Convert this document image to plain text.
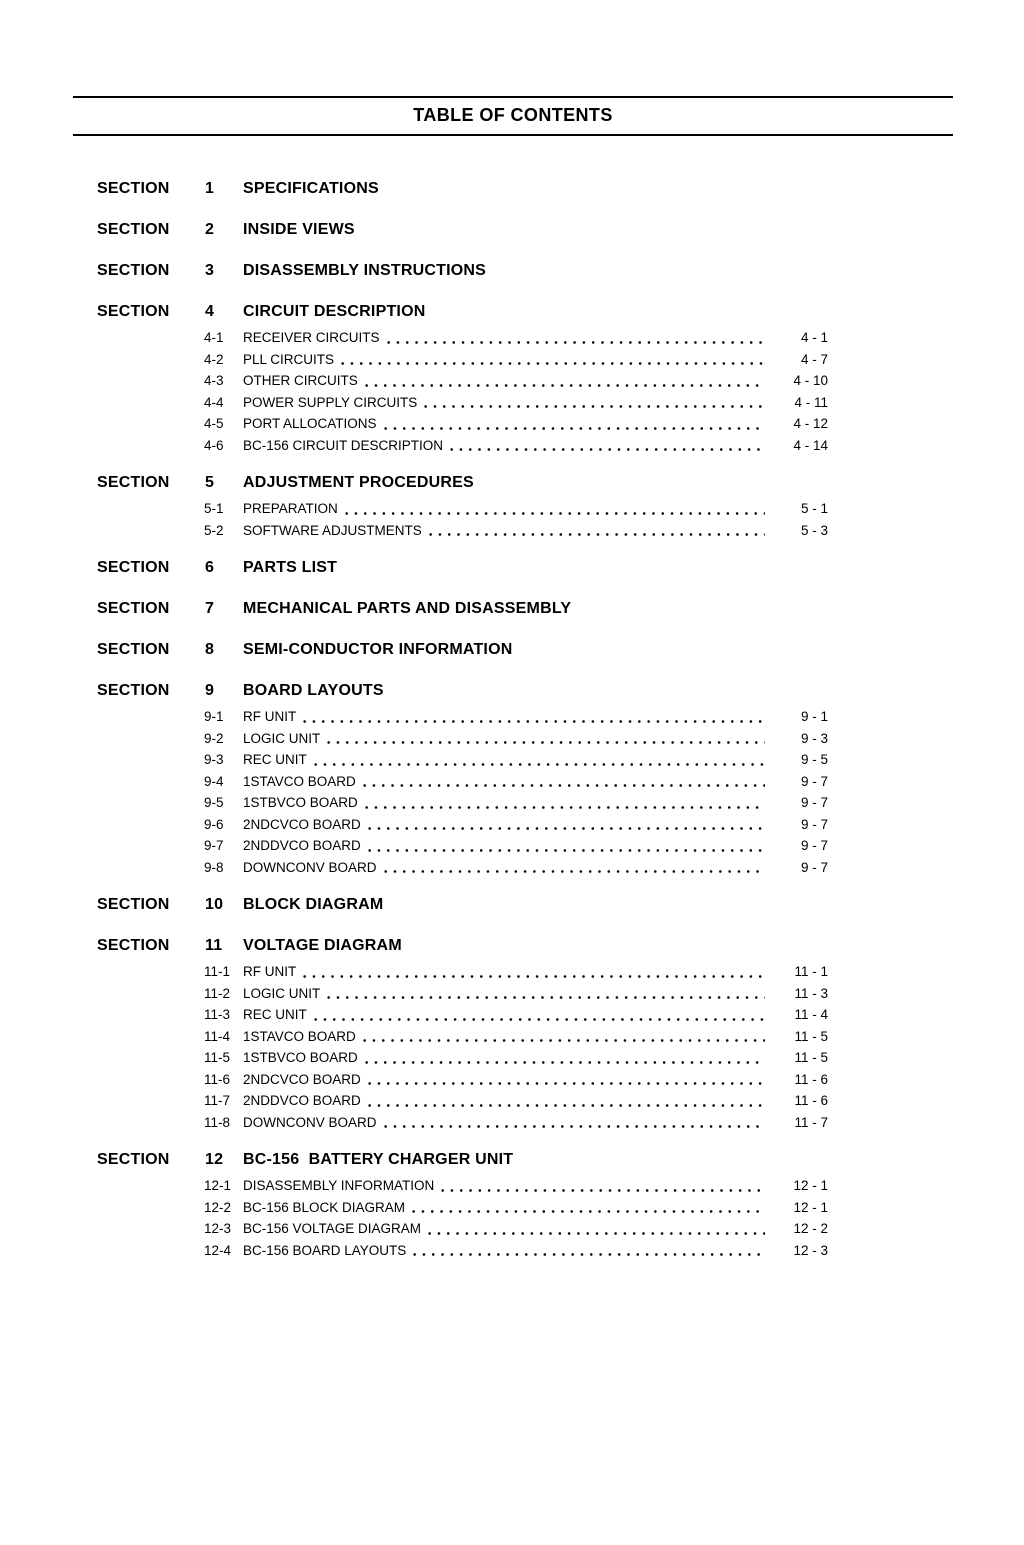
TABLE OF CONTENTS
SECTION	1	SPECIFICATIONS
SECTION	2	INSIDE VIEWS
SECTION	3	DISASSEMBLY INSTRUCTIONS
SECTION	4	CIRCUIT DESCRIPTION
4-1	RECEIVER CIRCUITS	4 - 1
4-2	PLL CIRCUITS	4 - 7
4-3	OTHER CIRCUITS	4 - 10
4-4	POWER SUPPLY CIRCUITS	4 - 11
4-5	PORT ALLOCATIONS	4 - 12
4-6	BC-156 CIRCUIT DESCRIPTION	4 - 14
SECTION	5	ADJUSTMENT PROCEDURES
5-1	PREPARATION	5 - 1
5-2	SOFTWARE ADJUSTMENTS	5 - 3
SECTION	6	PARTS LIST
SECTION	7	MECHANICAL PARTS AND DISASSEMBLY
SECTION	8	SEMI-CONDUCTOR INFORMATION
SECTION	9	BOARD LAYOUTS
9-1	RF UNIT	9 - 1
9-2	LOGIC UNIT	9 - 3
9-3	REC UNIT	9 - 5
9-4	1STAVCO BOARD	9 - 7
9-5	1STBVCO BOARD	9 - 7
9-6	2NDCVCO BOARD	9 - 7
9-7	2NDDVCO BOARD	9 - 7
9-8	DOWNCONV BOARD	9 - 7
SECTION	10	BLOCK DIAGRAM
SECTION	11	VOLTAGE DIAGRAM
11-1 RF UNIT	11 - 1
11-2 LOGIC UNIT	11 - 3
11-3 REC UNIT	11 - 4
11-4 1STAVCO BOARD	11 - 5
11-5 1STBVCO BOARD	11 - 5
11-6 2NDCVCO BOARD	11 - 6
11-7 2NDDVCO BOARD	11 - 6
11-8 DOWNCONV BOARD	11 - 7
SECTION	12	BC-156  BATTERY CHARGER UNIT
12-1 DISASSEMBLY INFORMATION	12 - 1
12-2 BC-156 BLOCK DIAGRAM	12 - 1
12-3 BC-156 VOLTAGE DIAGRAM	12 - 2
12-4 BC-156 BOARD LAYOUTS	12 - 3
